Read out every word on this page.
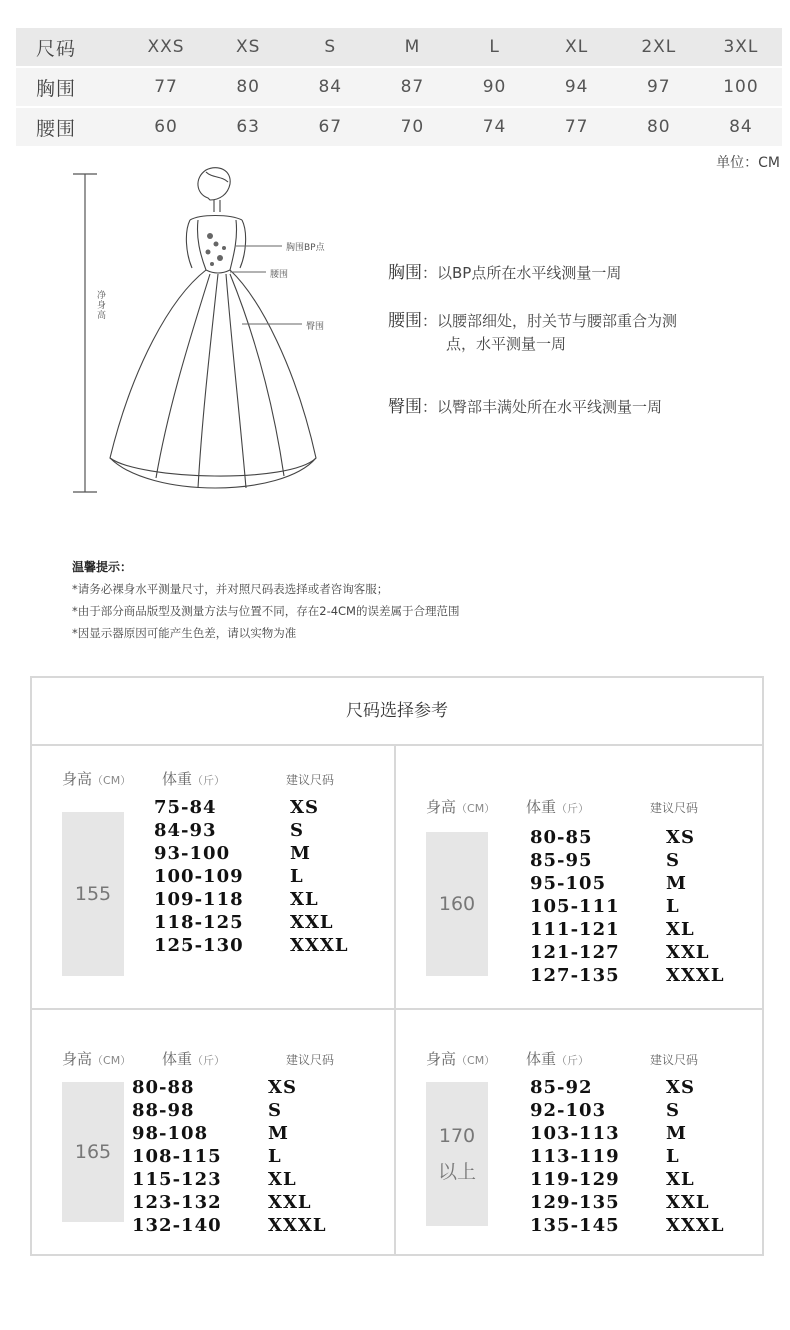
尺码	XXS	XS	S	M	L	XL	2XL	3XL
胸围	77	80	84	87	90	94	97	100
腰围	60	63	67	70	74	77	80	84
单位：CM
净身高
胸围BP点
腰围
臀围
胸围：以BP点所在水平线测量一周
腰围：以腰部细处，肘关节与腰部重合为测
点，水平测量一周
臀围：以臀部丰满处所在水平线测量一周
温馨提示：
*请务必裸身水平测量尺寸，并对照尺码表选择或者咨询客服；
*由于部分商品版型及测量方法与位置不同，存在2-4CM的误差属于合理范围
*因显示器原因可能产生色差，请以实物为准
尺码选择参考
身高（CM） 体重（斤）	建议尺码
155
75-84	XS
84-93	S
93-100	M
100-109	L
109-118	XL
118-125	XXL
125-130	XXXL
身高（CM） 体重（斤）	建议尺码
160
80-85	XS
85-95	S
95-105	M
105-111	L
111-121	XL
121-127	XXL
127-135	XXXL
身高（CM） 体重（斤）	建议尺码
165
80-88	XS
88-98	S
98-108	M
108-115	L
115-123	XL
123-132	XXL
132-140	XXXL
身高（CM） 体重（斤）	建议尺码
170
以上
85-92	XS
92-103	S
103-113	M
113-119	L
119-129	XL
129-135	XXL
135-145	XXXL
